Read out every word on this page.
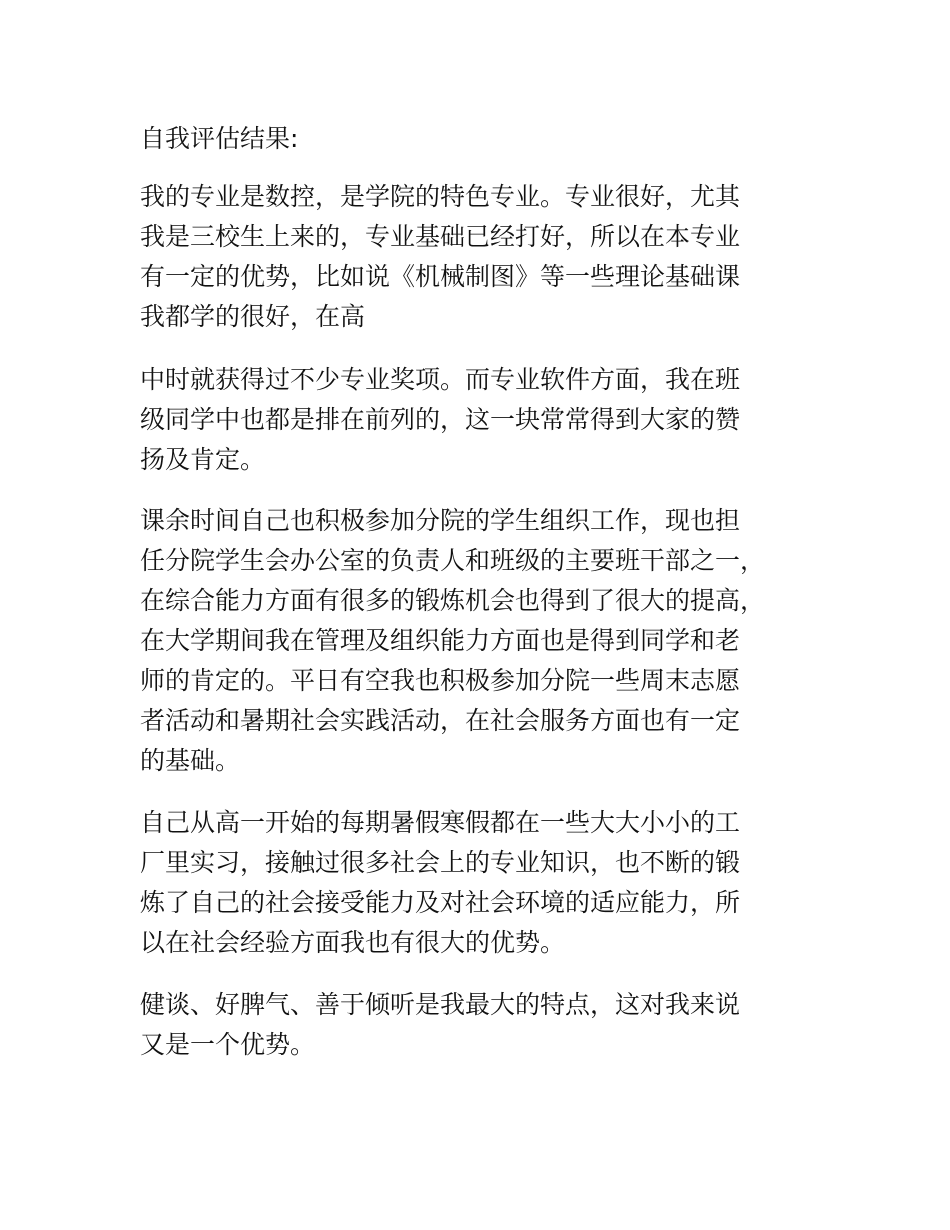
自我评估结果:

我的专业是数控，是学院的特色专业。专业很好，尤其
我是三校生上来的，专业基础已经打好，所以在本专业
有一定的优势，比如说《机械制图》等一些理论基础课
我都学的很好，在高

中时就获得过不少专业奖项。而专业软件方面，我在班
级同学中也都是排在前列的，这一块常常得到大家的赞
扬及肯定。

课余时间自己也积极参加分院的学生组织工作，现也担
任分院学生会办公室的负责人和班级的主要班干部之一，
在综合能力方面有很多的锻炼机会也得到了很大的提高，
在大学期间我在管理及组织能力方面也是得到同学和老
师的肯定的。平日有空我也积极参加分院一些周末志愿
者活动和暑期社会实践活动，在社会服务方面也有一定
的基础。

自己从高一开始的每期暑假寒假都在一些大大小小的工
厂里实习，接触过很多社会上的专业知识，也不断的锻
炼了自己的社会接受能力及对社会环境的适应能力，所
以在社会经验方面我也有很大的优势。

健谈、好脾气、善于倾听是我最大的特点，这对我来说
又是一个优势。
